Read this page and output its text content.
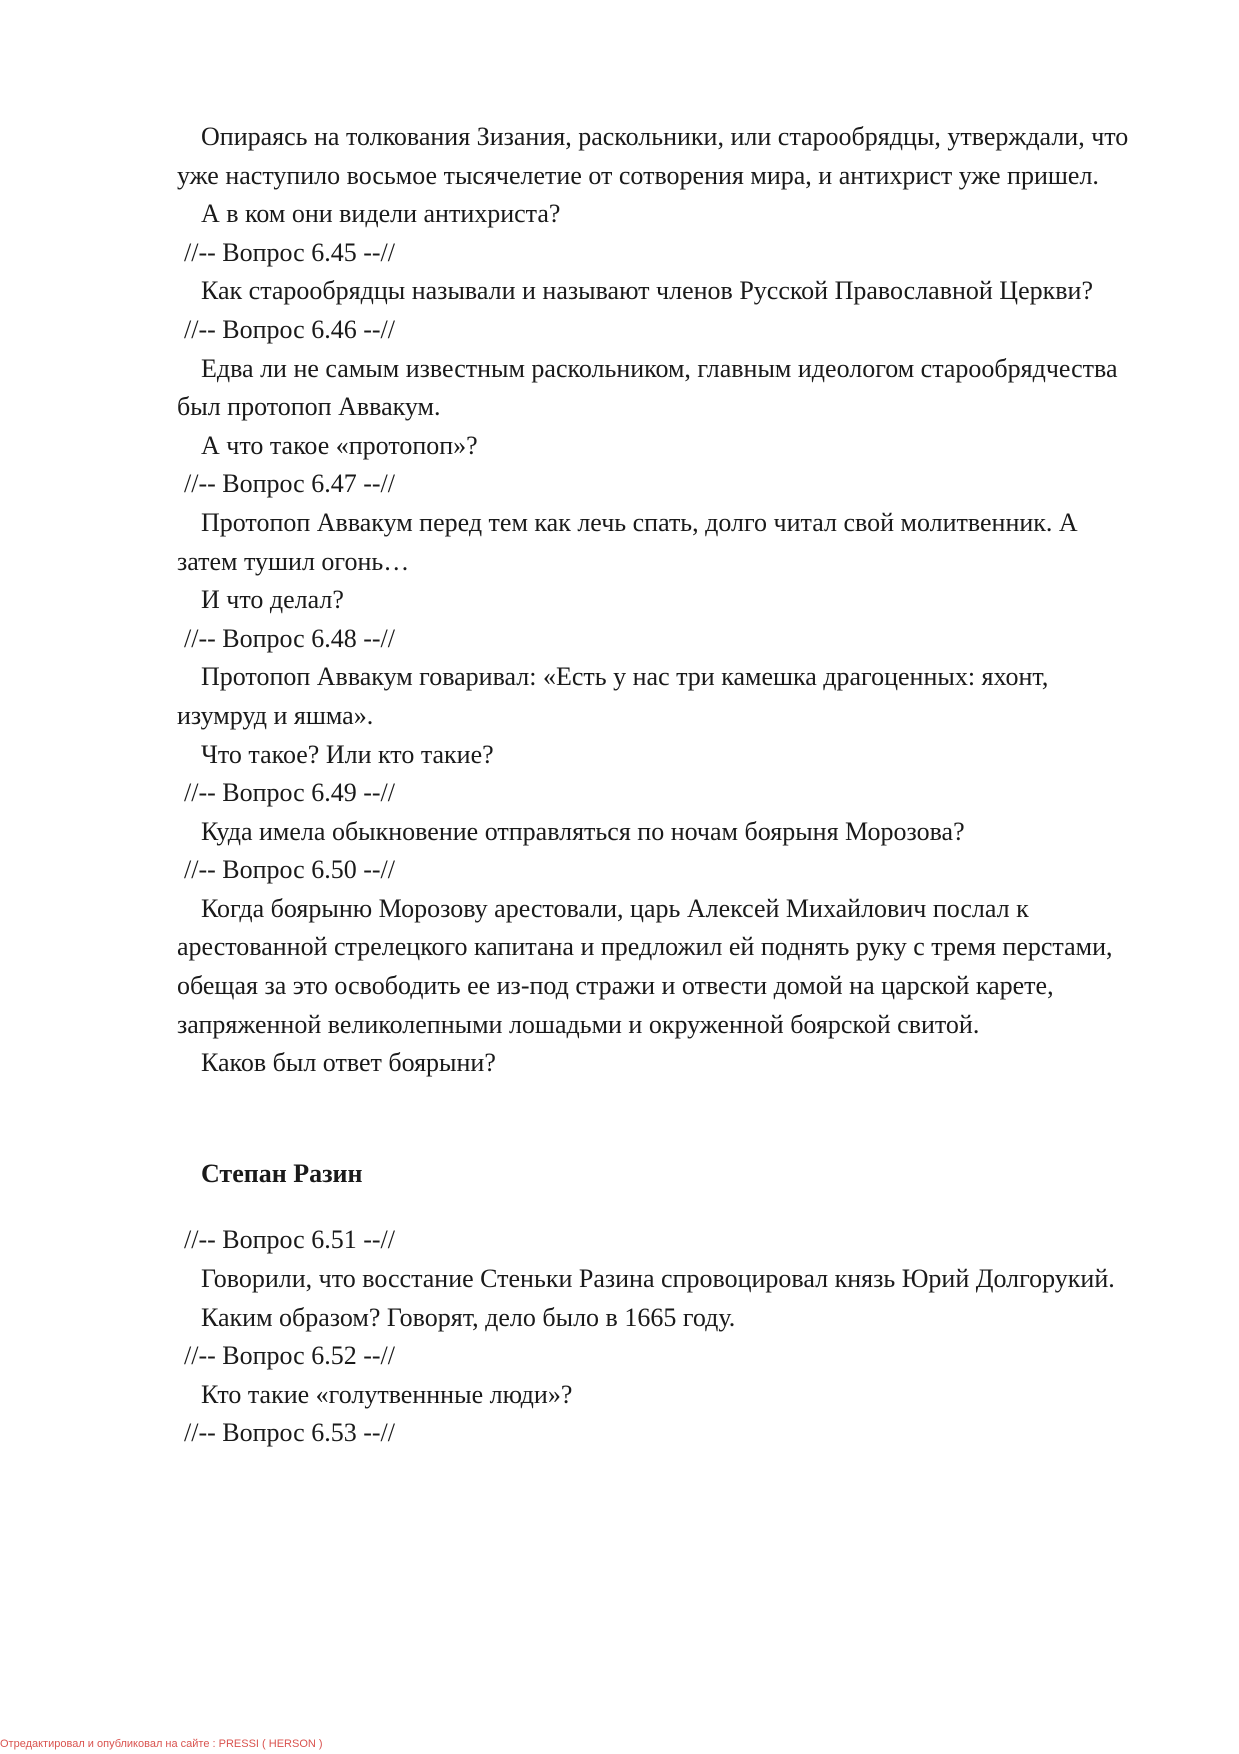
Опираясь на толкования Зизания, раскольники, или старообрядцы, утверждали, что уже наступило восьмое тысячелетие от сотворения мира, и антихрист уже пришел.

А в ком они видели антихриста?

//-- Вопрос 6.45 --//

Как старообрядцы называли и называют членов Русской Православной Церкви?

//-- Вопрос 6.46 --//

Едва ли не самым известным раскольником, главным идеологом старообрядчества был протопоп Аввакум.

А что такое «протопоп»?

//-- Вопрос 6.47 --//

Протопоп Аввакум перед тем как лечь спать, долго читал свой молитвенник. А затем тушил огонь…

И что делал?

//-- Вопрос 6.48 --//

Протопоп Аввакум говаривал: «Есть у нас три камешка драгоценных: яхонт, изумруд и яшма».

Что такое? Или кто такие?

//-- Вопрос 6.49 --//

Куда имела обыкновение отправляться по ночам боярыня Морозова?

//-- Вопрос 6.50 --//

Когда боярыню Морозову арестовали, царь Алексей Михайлович послал к арестованной стрелецкого капитана и предложил ей поднять руку с тремя перстами, обещая за это освободить ее из-под стражи и отвести домой на царской карете, запряженной великолепными лошадьми и окруженной боярской свитой.

Каков был ответ боярыни?

Степан Разин

//-- Вопрос 6.51 --//

Говорили, что восстание Стеньки Разина спровоцировал князь Юрий Долгорукий.

Каким образом? Говорят, дело было в 1665 году.

//-- Вопрос 6.52 --//

Кто такие «голутвеннные люди»?

//-- Вопрос 6.53 --//

Отредактировал и опубликовал на сайте : PRESSI ( HERSON )
